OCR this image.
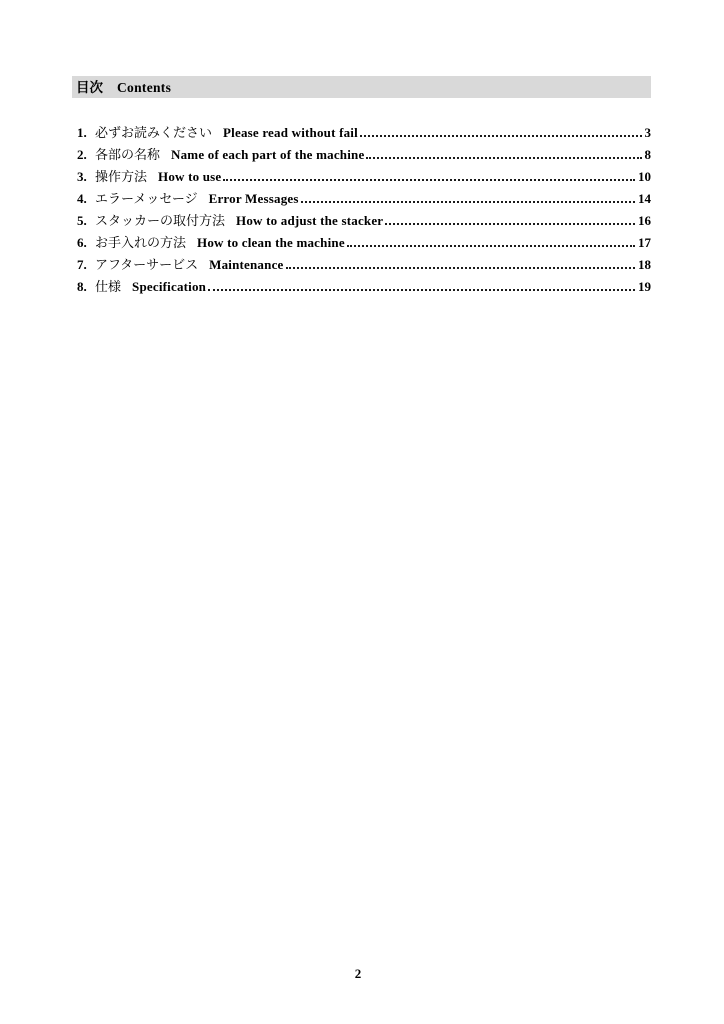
目次 Contents
1. 必ずお読みください Please read without fail	3
2. 各部の名称 Name of each part of the machine	8
3. 操作方法 How to use	10
4. エラーメッセージ Error Messages	14
5. スタッカーの取付方法 How to adjust the stacker	16
6. お手入れの方法 How to clean the machine	17
7. アフターサービス Maintenance	18
8. 仕様 Specification	19
2
